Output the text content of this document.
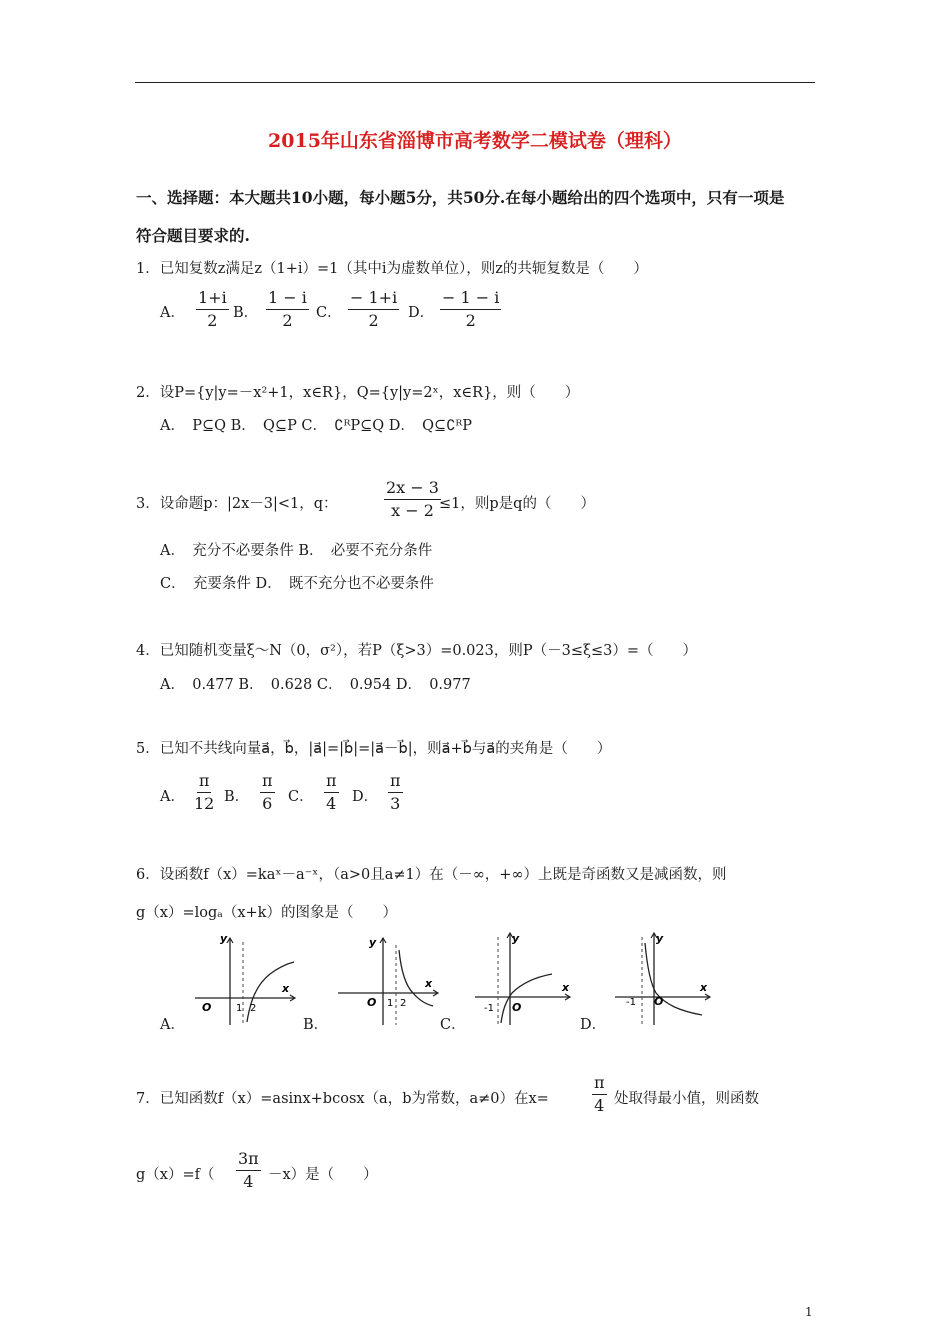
2015年山东省淄博市高考数学二模试卷（理科）
一、选择题：本大题共10小题，每小题5分，共50分.在每小题给出的四个选项中，只有一项是
符合题目要求的.
1．已知复数z满足z（1+i）=1（其中i为虚数单位），则z的共轭复数是（　　）
A． $\frac{1+i}{2}$ B． $\frac{1 - i}{2}$ C． $\frac{- 1+i}{2}$ D． $\frac{- 1 - i}{2}$
2．设P={y|y=－x²+1，x∈R}，Q={y|y=2ˣ，x∈R}，则（　　）
A．　P⊆Q B．　Q⊆P C．　∁ᴿP⊆Q D．　Q⊆∁ᴿP
3．设命题p：|2x－3|<1，q：	$\frac{2x - 3}{x - 2}$
≤1，则p是q的（　　）
A．　充分不必要条件 B．　必要不充分条件
C．　充要条件 D．　既不充分也不必要条件
4．已知随机变量ξ～N（0，σ²），若P（ξ>3）=0.023，则P（－3≤ξ≤3）=（　　）
A．　0.477 B．　0.628 C．　0.954 D．　0.977
5．已知不共线向量a⃗，b⃗，|a⃗|=|b⃗|=|a⃗－b⃗|，则a⃗+b⃗与a⃗的夹角是（　　）
A． $\frac{\pi}{12}$ B． $\frac{\pi}{6}$ C． $\frac{\pi}{4}$ D． $\frac{\pi}{3}$
6．设函数f（x）=kaˣ－a⁻ˣ，（a>0且a≠1）在（－∞，+∞）上既是奇函数又是减函数，则
g（x）=logₐ（x+k）的图象是（　　）
A．
y
x
O 1 2
B．
y
x
O 1 2
C．
y
x
O
-1
D．
y
x
O
-1
7．已知函数f（x）=asinx+bcosx（a，b为常数，a≠0）在x=	$\frac{\pi}{4}$ 处取得最小值，则函数
$g(x)=f( \frac{3\pi}{4} -x)$是（　　）
1
